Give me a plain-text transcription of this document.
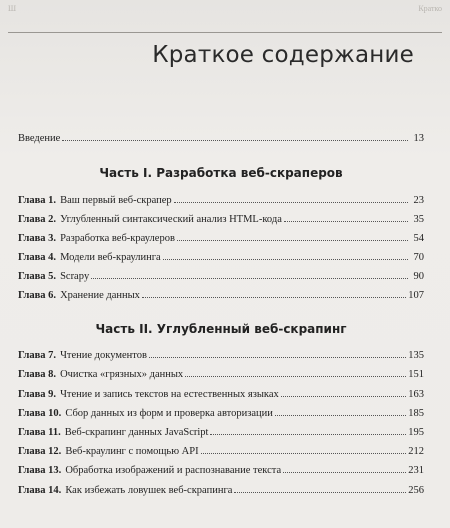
Ш	Кратко
Краткое содержание
Введение	13
Часть I. Разработка веб-скраперов
Глава 1. Ваш первый веб-скрапер	23
Глава 2. Углубленный синтаксический анализ HTML-кода	35
Глава 3. Разработка веб-краулеров	54
Глава 4. Модели веб-краулинга	70
Глава 5. Scrapy	90
Глава 6. Хранение данных	107
Часть II. Углубленный веб-скрапинг
Глава 7. Чтение документов	135
Глава 8. Очистка «грязных» данных	151
Глава 9. Чтение и запись текстов на естественных языках	163
Глава 10. Сбор данных из форм и проверка авторизации	185
Глава 11. Веб-скрапинг данных JavaScript	195
Глава 12. Веб-краулинг с помощью API	212
Глава 13. Обработка изображений и распознавание текста	231
Глава 14. Как избежать ловушек веб-скрапинга	256
